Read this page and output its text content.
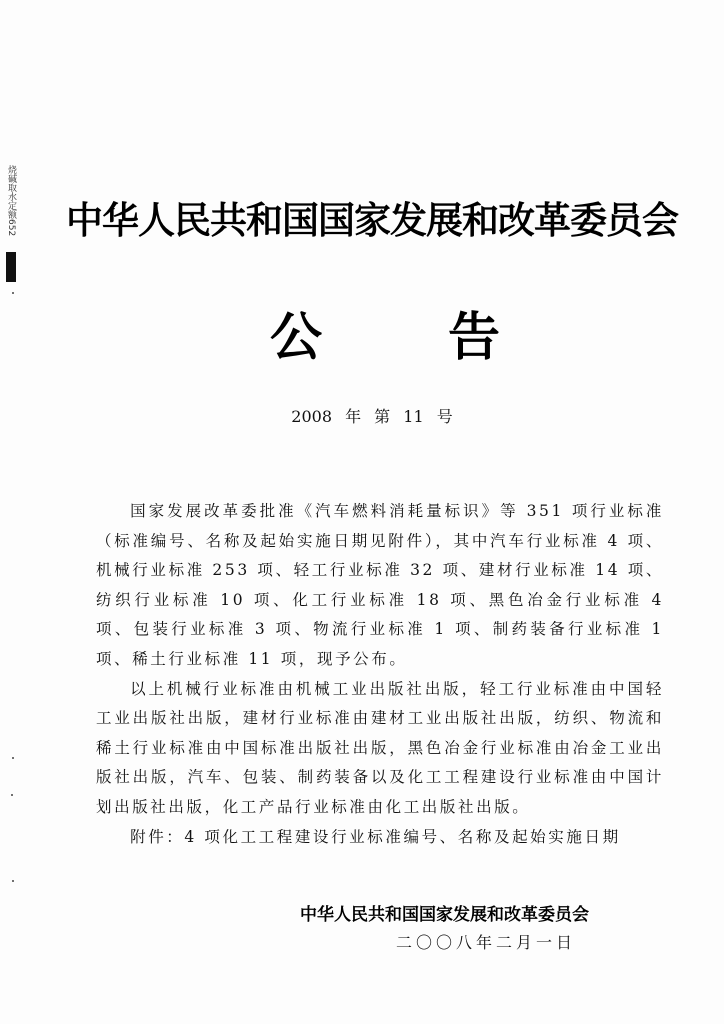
烧碱取水定额652	中华人民共和国国家发展和改革委员会
公 告
2008 年 第 11 号

国家发展改革委批准《汽车燃料消耗量标识》等 351 项行业标准（标准编号、名称及起始实施日期见附件），其中汽车行业标准 4 项、机械行业标准 253 项、轻工行业标准 32 项、建材行业标准 14 项、纺织行业标准 10 项、化工行业标准 18 项、黑色冶金行业标准 4 项、包装行业标准 3 项、物流行业标准 1 项、制药装备行业标准 1 项、稀土行业标准 11 项，现予公布。

以上机械行业标准由机械工业出版社出版，轻工行业标准由中国轻工业出版社出版，建材行业标准由建材工业出版社出版，纺织、物流和稀土行业标准由中国标准出版社出版，黑色冶金行业标准由冶金工业出版社出版，汽车、包装、制药装备以及化工工程建设行业标准由中国计划出版社出版，化工产品行业标准由化工出版社出版。

附件：4 项化工工程建设行业标准编号、名称及起始实施日期

中华人民共和国国家发展和改革委员会
二〇〇八年二月一日
